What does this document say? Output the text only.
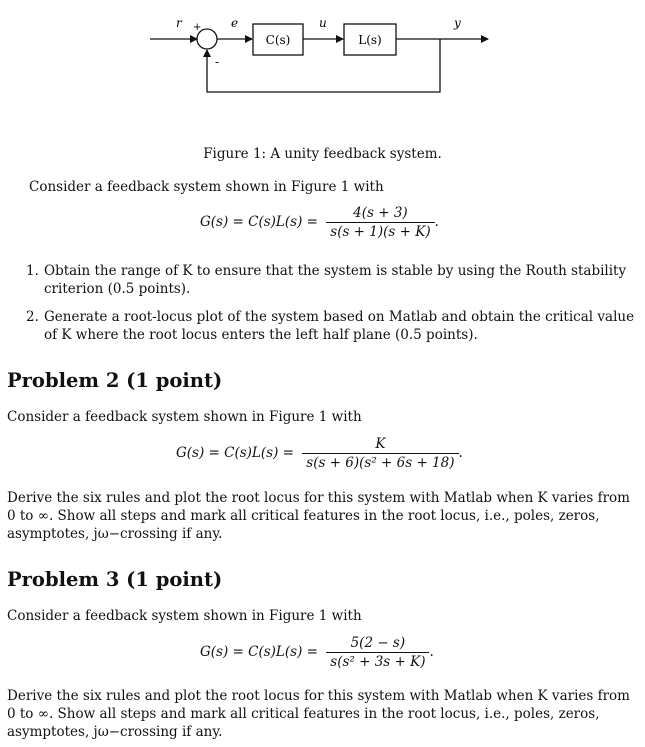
r	e	u	y
+
-
C(s)	L(s)
Figure 1: A unity feedback system.
Consider a feedback system shown in Figure 1 with
$G(s) = C(s)L(s) = \frac{4(s + 3)}{s(s + 1)(s + K)}$ .
1. Obtain the range of K to ensure that the system is stable by using the Routh stability criterion (0.5 points).
2. Generate a root-locus plot of the system based on Matlab and obtain the critical value of K where the root locus enters the left half plane (0.5 points).
Problem 2 (1 point)
Consider a feedback system shown in Figure 1 with
$G(s) = C(s)L(s) = \frac{K}{\text{s(s + 6)(s² + 6s + 18)}}$ .
Derive the six rules and plot the root locus for this system with Matlab when K varies from 0 to ∞. Show all steps and mark all critical features in the root locus, i.e., poles, zeros, asymptotes, jω−crossing if any.
Problem 3 (1 point)
Consider a feedback system shown in Figure 1 with
$G(s) = C(s)L(s) = \frac{5(2 - s)}{\text{s(s² + 3s + K)}}$ .
Derive the six rules and plot the root locus for this system with Matlab when K varies from 0 to ∞. Show all steps and mark all critical features in the root locus, i.e., poles, zeros, asymptotes, jω−crossing if any.
